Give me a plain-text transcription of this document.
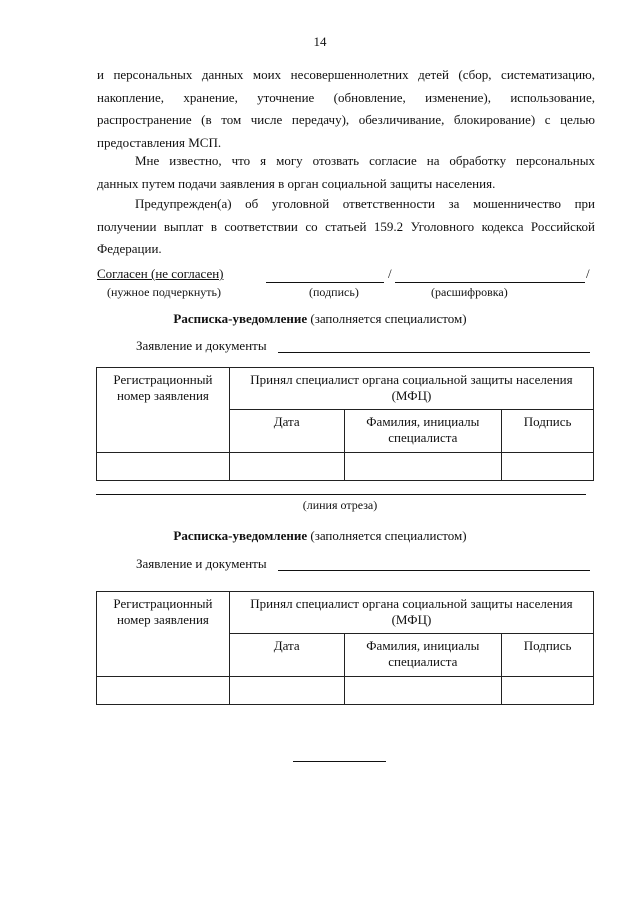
14
и персональных данных моих несовершеннолетних детей (сбор, систематизацию,
накопление, хранение, уточнение (обновление, изменение), использование,
распространение (в том числе передачу), обезличивание, блокирование) с целью
предоставления МСП.
Мне известно, что я могу отозвать согласие на обработку персональных
данных путем подачи заявления в орган социальной защиты населения.
Предупрежден(а) об уголовной ответственности за мошенничество при
получении выплат в соответствии со статьей 159.2 Уголовного кодекса Российской
Федерации.
Согласен (не согласен)	/	/
(нужное подчеркнуть)	(подпись)	(расшифровка)
Расписка-уведомление (заполняется специалистом)
Заявление и документы
Регистрационный номер заявления	Принял специалист органа социальной защиты населения (МФЦ)		
	Дата	Фамилия, инициалы специалиста	Подпись

(линия отреза)
Расписка-уведомление (заполняется специалистом)
Заявление и документы
Регистрационный номер заявления	Принял специалист органа социальной защиты населения (МФЦ)		
	Дата	Фамилия, инициалы специалиста	Подпись
